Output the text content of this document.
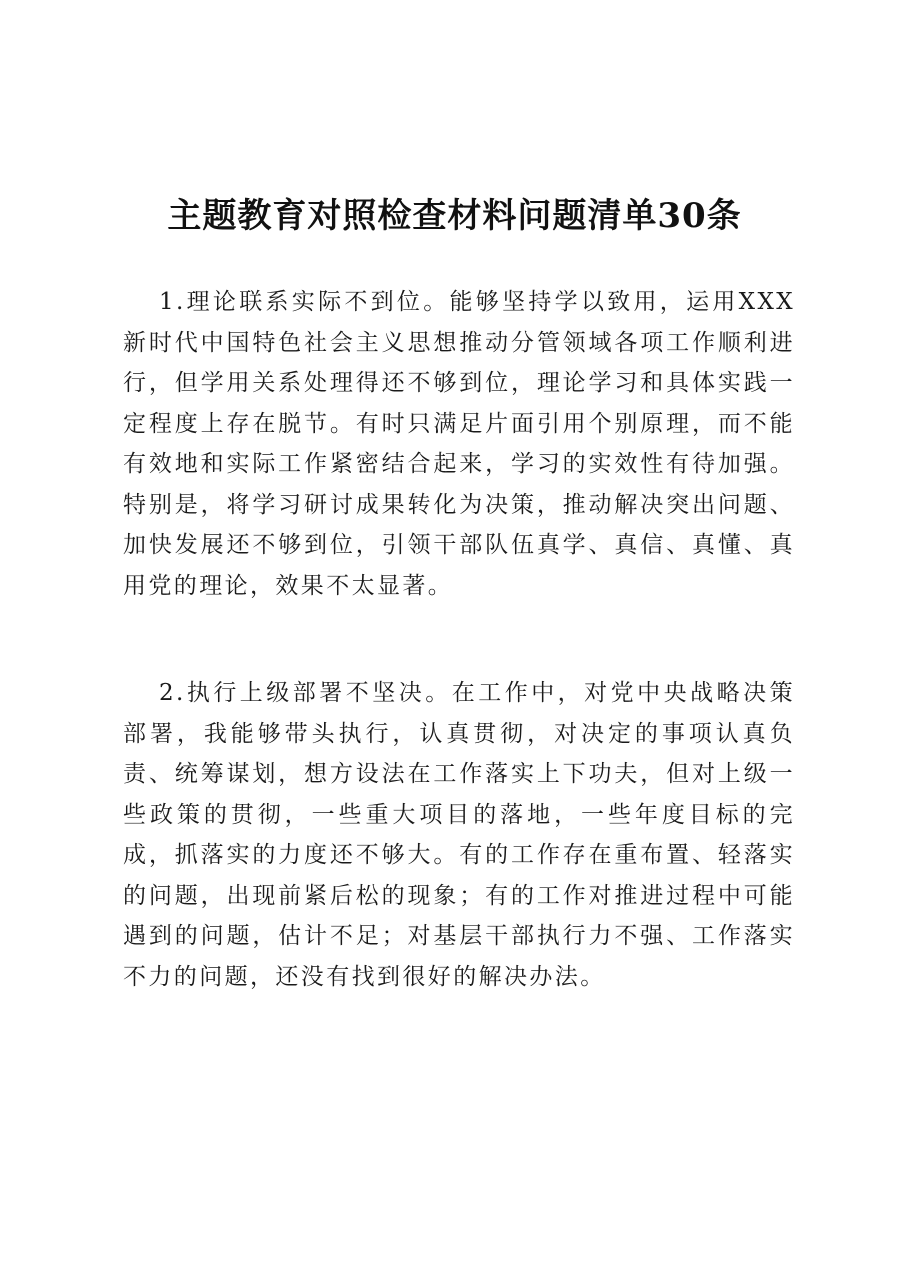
主题教育对照检查材料问题清单30条

1.理论联系实际不到位。能够坚持学以致用，运用XXX新时代中国特色社会主义思想推动分管领域各项工作顺利进行，但学用关系处理得还不够到位，理论学习和具体实践一定程度上存在脱节。有时只满足片面引用个别原理，而不能有效地和实际工作紧密结合起来，学习的实效性有待加强。特别是，将学习研讨成果转化为决策，推动解决突出问题、加快发展还不够到位，引领干部队伍真学、真信、真懂、真用党的理论，效果不太显著。

2.执行上级部署不坚决。在工作中，对党中央战略决策部署，我能够带头执行，认真贯彻，对决定的事项认真负责、统筹谋划，想方设法在工作落实上下功夫，但对上级一些政策的贯彻，一些重大项目的落地，一些年度目标的完成，抓落实的力度还不够大。有的工作存在重布置、轻落实的问题，出现前紧后松的现象；有的工作对推进过程中可能遇到的问题，估计不足；对基层干部执行力不强、工作落实不力的问题，还没有找到很好的解决办法。
